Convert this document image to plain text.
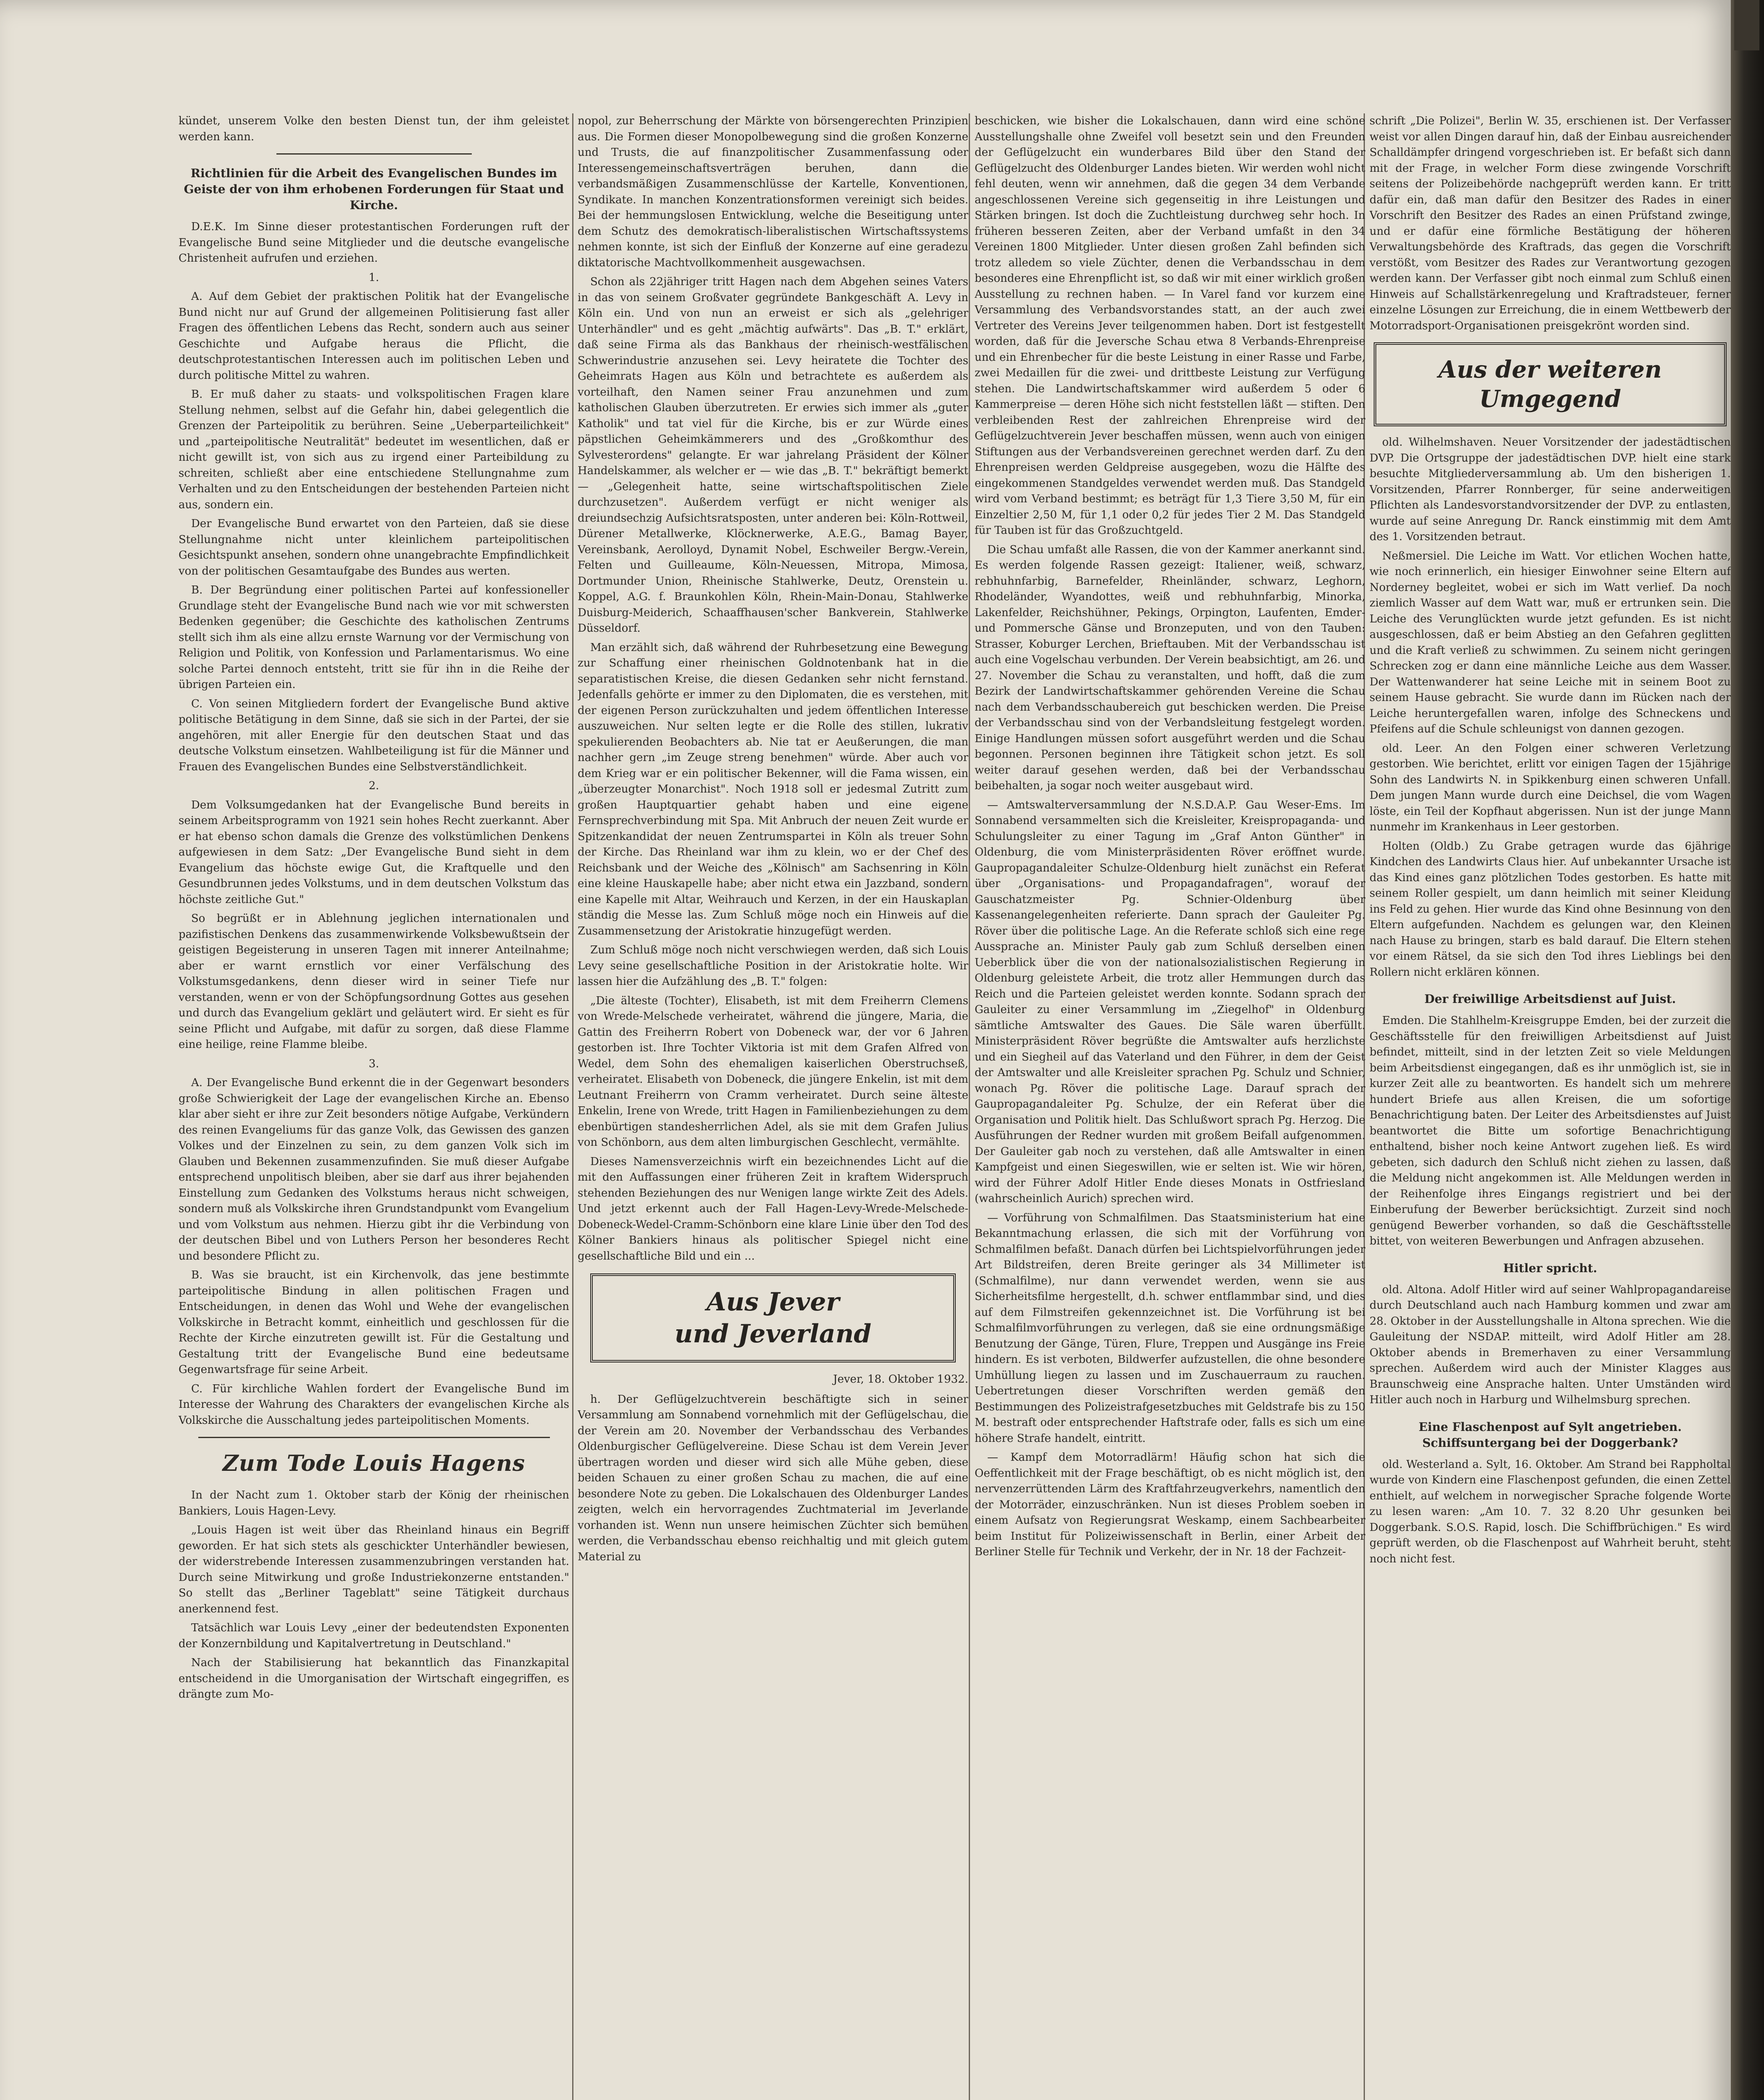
kündet, unserem Volke den besten Dienst tun, der ihm geleistet werden kann.

Richtlinien für die Arbeit des Evangelischen Bundes im Geiste der von ihm erhobenen Forderungen für Staat und Kirche.

D.E.K. Im Sinne dieser protestantischen Forderungen ruft der Evangelische Bund seine Mitglieder und die deutsche evangelische Christenheit aufrufen und erziehen.

1.

A. Auf dem Gebiet der praktischen Politik hat der Evangelische Bund nicht nur auf Grund der allgemeinen Politisierung fast aller Fragen des öffentlichen Lebens das Recht, sondern auch aus seiner Geschichte und Aufgabe heraus die Pflicht, die deutschprotestantischen Interessen auch im politischen Leben und durch politische Mittel zu wahren.

B. Er muß daher zu staats- und volkspolitischen Fragen klare Stellung nehmen, selbst auf die Gefahr hin, dabei gelegentlich die Grenzen der Parteipolitik zu berühren. Seine „Ueberparteilichkeit" und „parteipolitische Neutralität" bedeutet im wesentlichen, daß er nicht gewillt ist, von sich aus zu irgend einer Parteibildung zu schreiten, schließt aber eine entschiedene Stellungnahme zum Verhalten und zu den Entscheidungen der bestehenden Parteien nicht aus, sondern ein.

Der Evangelische Bund erwartet von den Parteien, daß sie diese Stellungnahme nicht unter kleinlichem parteipolitischen Gesichtspunkt ansehen, sondern ohne unangebrachte Empfindlichkeit von der politischen Gesamtaufgabe des Bundes aus werten.

B. Der Begründung einer politischen Partei auf konfessioneller Grundlage steht der Evangelische Bund nach wie vor mit schwersten Bedenken gegenüber; die Geschichte des katholischen Zentrums stellt sich ihm als eine allzu ernste Warnung vor der Vermischung von Religion und Politik, von Konfession und Parlamentarismus. Wo eine solche Partei dennoch entsteht, tritt sie für ihn in die Reihe der übrigen Parteien ein.

C. Von seinen Mitgliedern fordert der Evangelische Bund aktive politische Betätigung in dem Sinne, daß sie sich in der Partei, der sie angehören, mit aller Energie für den deutschen Staat und das deutsche Volkstum einsetzen. Wahlbeteiligung ist für die Männer und Frauen des Evangelischen Bundes eine Selbstverständlichkeit.

2.

Dem Volksumgedanken hat der Evangelische Bund bereits in seinem Arbeitsprogramm von 1921 sein hohes Recht zuerkannt. Aber er hat ebenso schon damals die Grenze des volkstümlichen Denkens aufgewiesen in dem Satz: „Der Evangelische Bund sieht in dem Evangelium das höchste ewige Gut, die Kraftquelle und den Gesundbrunnen jedes Volkstums, und in dem deutschen Volkstum das höchste zeitliche Gut."

So begrüßt er in Ablehnung jeglichen internationalen und pazifistischen Denkens das zusammenwirkende Volksbewußtsein der geistigen Begeisterung in unseren Tagen mit innerer Anteilnahme; aber er warnt ernstlich vor einer Verfälschung des Volkstumsgedankens, denn dieser wird in seiner Tiefe nur verstanden, wenn er von der Schöpfungsordnung Gottes aus gesehen und durch das Evangelium geklärt und geläutert wird. Er sieht es für seine Pflicht und Aufgabe, mit dafür zu sorgen, daß diese Flamme eine heilige, reine Flamme bleibe.

3.

A. Der Evangelische Bund erkennt die in der Gegenwart besonders große Schwierigkeit der Lage der evangelischen Kirche an. Ebenso klar aber sieht er ihre zur Zeit besonders nötige Aufgabe, Verkündern des reinen Evangeliums für das ganze Volk, das Gewissen des ganzen Volkes und der Einzelnen zu sein, zu dem ganzen Volk sich im Glauben und Bekennen zusammenzufinden. Sie muß dieser Aufgabe entsprechend unpolitisch bleiben, aber sie darf aus ihrer bejahenden Einstellung zum Gedanken des Volkstums heraus nicht schweigen, sondern muß als Volkskirche ihren Grundstandpunkt vom Evangelium und vom Volkstum aus nehmen. Hierzu gibt ihr die Verbindung von der deutschen Bibel und von Luthers Person her besonderes Recht und besondere Pflicht zu.

B. Was sie braucht, ist ein Kirchenvolk, das jene bestimmte parteipolitische Bindung in allen politischen Fragen und Entscheidungen, in denen das Wohl und Wehe der evangelischen Volkskirche in Betracht kommt, einheitlich und geschlossen für die Rechte der Kirche einzutreten gewillt ist. Für die Gestaltung und Gestaltung tritt der Evangelische Bund eine bedeutsame Gegenwartsfrage für seine Arbeit.

C. Für kirchliche Wahlen fordert der Evangelische Bund im Interesse der Wahrung des Charakters der evangelischen Kirche als Volkskirche die Ausschaltung jedes parteipolitischen Moments.

Zum Tode Louis Hagens

In der Nacht zum 1. Oktober starb der König der rheinischen Bankiers, Louis Hagen-Levy.

„Louis Hagen ist weit über das Rheinland hinaus ein Begriff geworden. Er hat sich stets als geschickter Unterhändler bewiesen, der widerstrebende Interessen zusammenzubringen verstanden hat. Durch seine Mitwirkung und große Industriekonzerne entstanden." So stellt das „Berliner Tageblatt" seine Tätigkeit durchaus anerkennend fest.

Tatsächlich war Louis Levy „einer der bedeutendsten Exponenten der Konzernbildung und Kapitalvertretung in Deutschland."

Nach der Stabilisierung hat bekanntlich das Finanzkapital entscheidend in die Umorganisation der Wirtschaft eingegriffen, es drängte zum Mo-

nopol, zur Beherrschung der Märkte von börsengerechten Prinzipien aus. Die Formen dieser Monopolbewegung sind die großen Konzerne und Trusts, die auf finanzpolitischer Zusammenfassung oder Interessengemeinschaftsverträgen beruhen, dann die verbandsmäßigen Zusammenschlüsse der Kartelle, Konventionen, Syndikate. In manchen Konzentrationsformen vereinigt sich beides. Bei der hemmungslosen Entwicklung, welche die Beseitigung unter dem Schutz des demokratisch-liberalistischen Wirtschaftssystems nehmen konnte, ist sich der Einfluß der Konzerne auf eine geradezu diktatorische Machtvollkommenheit ausgewachsen.

Schon als 22jähriger tritt Hagen nach dem Abgehen seines Vaters in das von seinem Großvater gegründete Bankgeschäft A. Levy in Köln ein. Und von nun an erweist er sich als „gelehriger Unterhändler" und es geht „mächtig aufwärts". Das „B. T." erklärt, daß seine Firma als das Bankhaus der rheinisch-westfälischen Schwerindustrie anzusehen sei. Levy heiratete die Tochter des Geheimrats Hagen aus Köln und betrachtete es außerdem als vorteilhaft, den Namen seiner Frau anzunehmen und zum katholischen Glauben überzutreten. Er erwies sich immer als „guter Katholik" und tat viel für die Kirche, bis er zur Würde eines päpstlichen Geheimkämmerers und des „Großkomthur des Sylvesterordens" gelangte. Er war jahrelang Präsident der Kölner Handelskammer, als welcher er — wie das „B. T." bekräftigt bemerkt — „Gelegenheit hatte, seine wirtschaftspolitischen Ziele durchzusetzen". Außerdem verfügt er nicht weniger als dreiundsechzig Aufsichtsratsposten, unter anderen bei: Köln-Rottweil, Dürener Metallwerke, Klöcknerwerke, A.E.G., Bamag Bayer, Vereinsbank, Aerolloyd, Dynamit Nobel, Eschweiler Bergw.-Verein, Felten und Guilleaume, Köln-Neuessen, Mitropa, Mimosa, Dortmunder Union, Rheinische Stahlwerke, Deutz, Orenstein u. Koppel, A.G. f. Braunkohlen Köln, Rhein-Main-Donau, Stahlwerke Duisburg-Meiderich, Schaaffhausen'scher Bankverein, Stahlwerke Düsseldorf.

Man erzählt sich, daß während der Ruhrbesetzung eine Bewegung zur Schaffung einer rheinischen Goldnotenbank hat in die separatistischen Kreise, die diesen Gedanken sehr nicht fernstand. Jedenfalls gehörte er immer zu den Diplomaten, die es verstehen, mit der eigenen Person zurückzuhalten und jedem öffentlichen Interesse auszuweichen. Nur selten legte er die Rolle des stillen, lukrativ spekulierenden Beobachters ab. Nie tat er Aeußerungen, die man nachher gern „im Zeuge streng benehmen" würde. Aber auch vor dem Krieg war er ein politischer Bekenner, will die Fama wissen, ein „überzeugter Monarchist". Noch 1918 soll er jedesmal Zutritt zum großen Hauptquartier gehabt haben und eine eigene Fernsprechverbindung mit Spa. Mit Anbruch der neuen Zeit wurde er Spitzenkandidat der neuen Zentrumspartei in Köln als treuer Sohn der Kirche. Das Rheinland war ihm zu klein, wo er der Chef des Reichsbank und der Weiche des „Kölnisch" am Sachsenring in Köln eine kleine Hauskapelle habe; aber nicht etwa ein Jazzband, sondern eine Kapelle mit Altar, Weihrauch und Kerzen, in der ein Hauskaplan ständig die Messe las. Zum Schluß möge noch ein Hinweis auf die Zusammensetzung der Aristokratie hinzugefügt werden.

Zum Schluß möge noch nicht verschwiegen werden, daß sich Louis Levy seine gesellschaftliche Position in der Aristokratie holte. Wir lassen hier die Aufzählung des „B. T." folgen:

„Die älteste (Tochter), Elisabeth, ist mit dem Freiherrn Clemens von Wrede-Melschede verheiratet, während die jüngere, Maria, die Gattin des Freiherrn Robert von Dobeneck war, der vor 6 Jahren gestorben ist. Ihre Tochter Viktoria ist mit dem Grafen Alfred von Wedel, dem Sohn des ehemaligen kaiserlichen Oberstruchseß, verheiratet. Elisabeth von Dobeneck, die jüngere Enkelin, ist mit dem Leutnant Freiherrn von Cramm verheiratet. Durch seine älteste Enkelin, Irene von Wrede, tritt Hagen in Familienbeziehungen zu dem ebenbürtigen standesherrlichen Adel, als sie mit dem Grafen Julius von Schönborn, aus dem alten limburgischen Geschlecht, vermählte.

Dieses Namensverzeichnis wirft ein bezeichnendes Licht auf die mit den Auffassungen einer früheren Zeit in kraftem Widerspruch stehenden Beziehungen des nur Wenigen lange wirkte Zeit des Adels. Und jetzt erkennt auch der Fall Hagen-Levy-Wrede-Melschede-Dobeneck-Wedel-Cramm-Schönborn eine klare Linie über den Tod des Kölner Bankiers hinaus als politischer Spiegel nicht eine gesellschaftliche Bild und ein ...

Aus Jever
und Jeverland
Jever, 18. Oktober 1932.

h. Der Geflügelzuchtverein beschäftigte sich in seiner Versammlung am Sonnabend vornehmlich mit der Geflügelschau, die der Verein am 20. November der Verbandsschau des Verbandes Oldenburgischer Geflügelvereine. Diese Schau ist dem Verein Jever übertragen worden und dieser wird sich alle Mühe geben, diese beiden Schauen zu einer großen Schau zu machen, die auf eine besondere Note zu geben. Die Lokalschauen des Oldenburger Landes zeigten, welch ein hervorragendes Zuchtmaterial im Jeverlande vorhanden ist. Wenn nun unsere heimischen Züchter sich bemühen werden, die Verbandsschau ebenso reichhaltig und mit gleich gutem Material zu

beschicken, wie bisher die Lokalschauen, dann wird eine schöne Ausstellungshalle ohne Zweifel voll besetzt sein und den Freunden der Geflügelzucht ein wunderbares Bild über den Stand der Geflügelzucht des Oldenburger Landes bieten. Wir werden wohl nicht fehl deuten, wenn wir annehmen, daß die gegen 34 dem Verbande angeschlossenen Vereine sich gegenseitig in ihre Leistungen und Stärken bringen. Ist doch die Zuchtleistung durchweg sehr hoch. In früheren besseren Zeiten, aber der Verband umfaßt in den 34 Vereinen 1800 Mitglieder. Unter diesen großen Zahl befinden sich trotz alledem so viele Züchter, denen die Verbandsschau in dem besonderes eine Ehrenpflicht ist, so daß wir mit einer wirklich großen Ausstellung zu rechnen haben. — In Varel fand vor kurzem eine Versammlung des Verbandsvorstandes statt, an der auch zwei Vertreter des Vereins Jever teilgenommen haben. Dort ist festgestellt worden, daß für die Jeversche Schau etwa 8 Verbands-Ehrenpreise und ein Ehrenbecher für die beste Leistung in einer Rasse und Farbe, zwei Medaillen für die zwei- und drittbeste Leistung zur Verfügung stehen. Die Landwirtschaftskammer wird außerdem 5 oder 6 Kammerpreise — deren Höhe sich nicht feststellen läßt — stiften. Den verbleibenden Rest der zahlreichen Ehrenpreise wird der Geflügelzuchtverein Jever beschaffen müssen, wenn auch von einigen Stiftungen aus der Verbandsvereinen gerechnet werden darf. Zu den Ehrenpreisen werden Geldpreise ausgegeben, wozu die Hälfte des eingekommenen Standgeldes verwendet werden muß. Das Standgeld wird vom Verband bestimmt; es beträgt für 1,3 Tiere 3,50 M, für ein Einzeltier 2,50 M, für 1,1 oder 0,2 für jedes Tier 2 M. Das Standgeld für Tauben ist für das Großzuchtgeld.

Die Schau umfaßt alle Rassen, die von der Kammer anerkannt sind. Es werden folgende Rassen gezeigt: Italiener, weiß, schwarz, rebhuhnfarbig, Barnefelder, Rheinländer, schwarz, Leghorn, Rhodeländer, Wyandottes, weiß und rebhuhnfarbig, Minorka, Lakenfelder, Reichshühner, Pekings, Orpington, Laufenten, Emder- und Pommersche Gänse und Bronzeputen, und von den Tauben: Strasser, Koburger Lerchen, Brieftauben. Mit der Verbandsschau ist auch eine Vogelschau verbunden. Der Verein beabsichtigt, am 26. und 27. November die Schau zu veranstalten, und hofft, daß die zum Bezirk der Landwirtschaftskammer gehörenden Vereine die Schau nach dem Verbandsschaubereich gut beschicken werden. Die Preise der Verbandsschau sind von der Verbandsleitung festgelegt worden. Einige Handlungen müssen sofort ausgeführt werden und die Schau begonnen. Personen beginnen ihre Tätigkeit schon jetzt. Es soll weiter darauf gesehen werden, daß bei der Verbandsschau beibehalten, ja sogar noch weiter ausgebaut wird.

— Amtswalterversammlung der N.S.D.A.P. Gau Weser-Ems. Im Sonnabend versammelten sich die Kreisleiter, Kreispropaganda- und Schulungsleiter zu einer Tagung im „Graf Anton Günther" in Oldenburg, die vom Ministerpräsidenten Röver eröffnet wurde. Gaupropagandaleiter Schulze-Oldenburg hielt zunächst ein Referat über „Organisations- und Propagandafragen", worauf der Gauschatzmeister Pg. Schnier-Oldenburg über Kassenangelegenheiten referierte. Dann sprach der Gauleiter Pg. Röver über die politische Lage. An die Referate schloß sich eine rege Aussprache an. Minister Pauly gab zum Schluß derselben einen Ueberblick über die von der nationalsozialistischen Regierung in Oldenburg geleistete Arbeit, die trotz aller Hemmungen durch das Reich und die Parteien geleistet werden konnte. Sodann sprach der Gauleiter zu einer Versammlung im „Ziegelhof" in Oldenburg sämtliche Amtswalter des Gaues. Die Säle waren überfüllt. Ministerpräsident Röver begrüßte die Amtswalter aufs herzlichste und ein Siegheil auf das Vaterland und den Führer, in dem der Geist der Amtswalter und alle Kreisleiter sprachen Pg. Schulz und Schnier, wonach Pg. Röver die politische Lage. Darauf sprach der Gaupropagandaleiter Pg. Schulze, der ein Referat über die Organisation und Politik hielt. Das Schlußwort sprach Pg. Herzog. Die Ausführungen der Redner wurden mit großem Beifall aufgenommen. Der Gauleiter gab noch zu verstehen, daß alle Amtswalter in einen Kampfgeist und einen Siegeswillen, wie er selten ist. Wie wir hören, wird der Führer Adolf Hitler Ende dieses Monats in Ostfriesland (wahrscheinlich Aurich) sprechen wird.

— Vorführung von Schmalfilmen. Das Staatsministerium hat eine Bekanntmachung erlassen, die sich mit der Vorführung von Schmalfilmen befaßt. Danach dürfen bei Lichtspielvorführungen jeder Art Bildstreifen, deren Breite geringer als 34 Millimeter ist (Schmalfilme), nur dann verwendet werden, wenn sie aus Sicherheitsfilme hergestellt, d.h. schwer entflammbar sind, und dies auf dem Filmstreifen gekennzeichnet ist. Die Vorführung ist bei Schmalfilmvorführungen zu verlegen, daß sie eine ordnungsmäßige Benutzung der Gänge, Türen, Flure, Treppen und Ausgänge ins Freie hindern. Es ist verboten, Bildwerfer aufzustellen, die ohne besondere Umhüllung liegen zu lassen und im Zuschauerraum zu rauchen. Uebertretungen dieser Vorschriften werden gemäß den Bestimmungen des Polizeistrafgesetzbuches mit Geldstrafe bis zu 150 M. bestraft oder entsprechender Haftstrafe oder, falls es sich um eine höhere Strafe handelt, eintritt.

— Kampf dem Motorradlärm! Häufig schon hat sich die Oeffentlichkeit mit der Frage beschäftigt, ob es nicht möglich ist, den nervenzerrüttenden Lärm des Kraftfahrzeugverkehrs, namentlich den der Motorräder, einzuschränken. Nun ist dieses Problem soeben in einem Aufsatz von Regierungsrat Weskamp, einem Sachbearbeiter beim Institut für Polizeiwissenschaft in Berlin, einer Arbeit der Berliner Stelle für Technik und Verkehr, der in Nr. 18 der Fachzeit-

schrift „Die Polizei", Berlin W. 35, erschienen ist. Der Verfasser weist vor allen Dingen darauf hin, daß der Einbau ausreichender Schalldämpfer dringend vorgeschrieben ist. Er befaßt sich dann mit der Frage, in welcher Form diese zwingende Vorschrift seitens der Polizeibehörde nachgeprüft werden kann. Er tritt dafür ein, daß man dafür den Besitzer des Rades in einer Vorschrift den Besitzer des Rades an einen Prüfstand zwinge, und er dafür eine förmliche Bestätigung der höheren Verwaltungsbehörde des Kraftrads, das gegen die Vorschrift verstößt, vom Besitzer des Rades zur Verantwortung gezogen werden kann. Der Verfasser gibt noch einmal zum Schluß einen Hinweis auf Schallstärkenregelung und Kraftradsteuer, ferner einzelne Lösungen zur Erreichung, die in einem Wettbewerb der Motorradsport-Organisationen preisgekrönt worden sind.

Aus der weiteren
Umgegend

old. Wilhelmshaven. Neuer Vorsitzender der jadestädtischen DVP. Die Ortsgruppe der jadestädtischen DVP. hielt eine stark besuchte Mitgliederversammlung ab. Um den bisherigen 1. Vorsitzenden, Pfarrer Ronnberger, für seine anderweitigen Pflichten als Landesvorstandvorsitzender der DVP. zu entlasten, wurde auf seine Anregung Dr. Ranck einstimmig mit dem Amt des 1. Vorsitzenden betraut.

Neßmersiel. Die Leiche im Watt. Vor etlichen Wochen hatte, wie noch erinnerlich, ein hiesiger Einwohner seine Eltern auf Norderney begleitet, wobei er sich im Watt verlief. Da noch ziemlich Wasser auf dem Watt war, muß er ertrunken sein. Die Leiche des Verunglückten wurde jetzt gefunden. Es ist nicht ausgeschlossen, daß er beim Abstieg an den Gefahren geglitten und die Kraft verließ zu schwimmen. Zu seinem nicht geringen Schrecken zog er dann eine männliche Leiche aus dem Wasser. Der Wattenwanderer hat seine Leiche mit in seinem Boot zu seinem Hause gebracht. Sie wurde dann im Rücken nach der Leiche heruntergefallen waren, infolge des Schneckens und Pfeifens auf die Schule schleunigst von dannen gezogen.

old. Leer. An den Folgen einer schweren Verletzung gestorben. Wie berichtet, erlitt vor einigen Tagen der 15jährige Sohn des Landwirts N. in Spikkenburg einen schweren Unfall. Dem jungen Mann wurde durch eine Deichsel, die vom Wagen löste, ein Teil der Kopfhaut abgerissen. Nun ist der junge Mann nunmehr im Krankenhaus in Leer gestorben.

Holten (Oldb.) Zu Grabe getragen wurde das 6jährige Kindchen des Landwirts Claus hier. Auf unbekannter Ursache ist das Kind eines ganz plötzlichen Todes gestorben. Es hatte mit seinem Roller gespielt, um dann heimlich mit seiner Kleidung ins Feld zu gehen. Hier wurde das Kind ohne Besinnung von den Eltern aufgefunden. Nachdem es gelungen war, den Kleinen nach Hause zu bringen, starb es bald darauf. Die Eltern stehen vor einem Rätsel, da sie sich den Tod ihres Lieblings bei den Rollern nicht erklären können.

Der freiwillige Arbeitsdienst auf Juist.

Emden. Die Stahlhelm-Kreisgruppe Emden, bei der zurzeit die Geschäftsstelle für den freiwilligen Arbeitsdienst auf Juist befindet, mitteilt, sind in der letzten Zeit so viele Meldungen beim Arbeitsdienst eingegangen, daß es ihr unmöglich ist, sie in kurzer Zeit alle zu beantworten. Es handelt sich um mehrere hundert Briefe aus allen Kreisen, die um sofortige Benachrichtigung baten. Der Leiter des Arbeitsdienstes auf Juist beantwortet die Bitte um sofortige Benachrichtigung enthaltend, bisher noch keine Antwort zugehen ließ. Es wird gebeten, sich dadurch den Schluß nicht ziehen zu lassen, daß die Meldung nicht angekommen ist. Alle Meldungen werden in der Reihenfolge ihres Eingangs registriert und bei der Einberufung der Bewerber berücksichtigt. Zurzeit sind noch genügend Bewerber vorhanden, so daß die Geschäftsstelle bittet, von weiteren Bewerbungen und Anfragen abzusehen.

Hitler spricht.

old. Altona. Adolf Hitler wird auf seiner Wahlpropagandareise durch Deutschland auch nach Hamburg kommen und zwar am 28. Oktober in der Ausstellungshalle in Altona sprechen. Wie die Gauleitung der NSDAP. mitteilt, wird Adolf Hitler am 28. Oktober abends in Bremerhaven zu einer Versammlung sprechen. Außerdem wird auch der Minister Klagges aus Braunschweig eine Ansprache halten. Unter Umständen wird Hitler auch noch in Harburg und Wilhelmsburg sprechen.

Eine Flaschenpost auf Sylt angetrieben. Schiffsuntergang bei der Doggerbank?

old. Westerland a. Sylt, 16. Oktober. Am Strand bei Rappholtal wurde von Kindern eine Flaschenpost gefunden, die einen Zettel enthielt, auf welchem in norwegischer Sprache folgende Worte zu lesen waren: „Am 10. 7. 32 8.20 Uhr gesunken bei Doggerbank. S.O.S. Rapid, losch. Die Schiffbrüchigen." Es wird geprüft werden, ob die Flaschenpost auf Wahrheit beruht, steht noch nicht fest.
